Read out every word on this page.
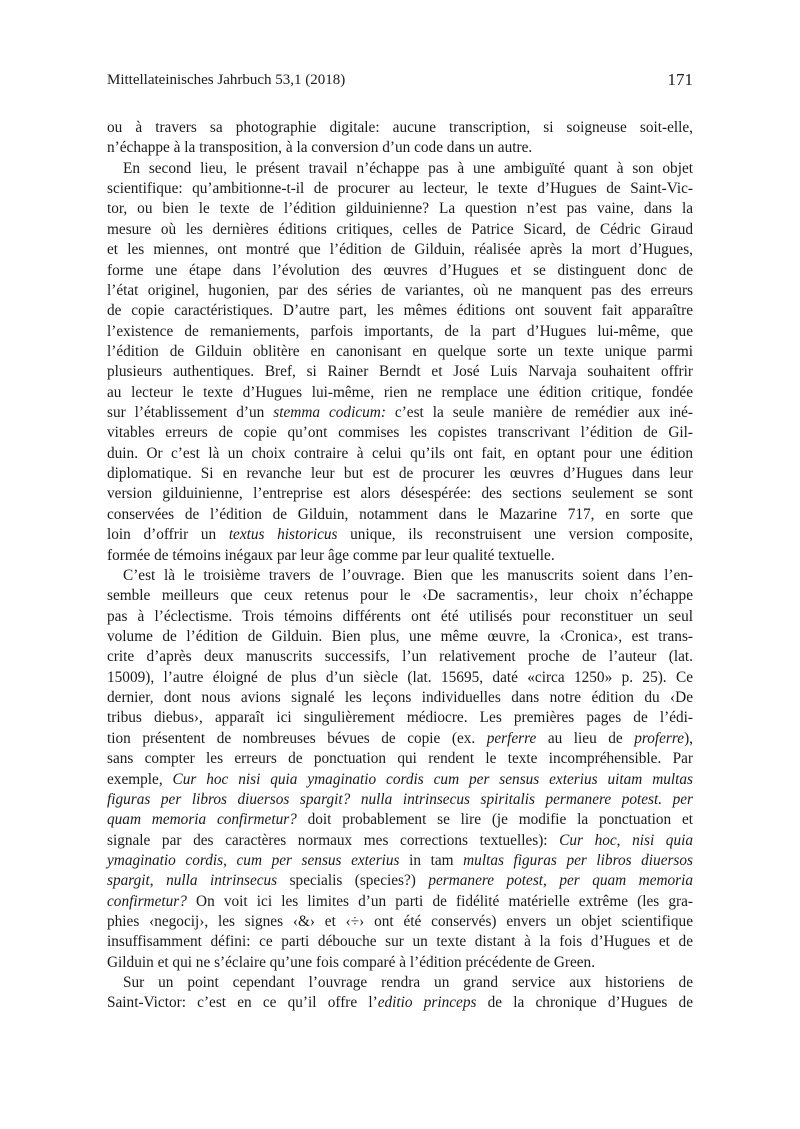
Mittellateinisches Jahrbuch 53,1 (2018)	171
ou à travers sa photographie digitale: aucune transcription, si soigneuse soit-elle,
n’échappe à la transposition, à la conversion d’un code dans un autre.
En second lieu, le présent travail n’échappe pas à une ambiguïté quant à son objet
scientifique: qu’ambitionne-t-il de procurer au lecteur, le texte d’Hugues de Saint-Vic-
tor, ou bien le texte de l’édition gilduinienne? La question n’est pas vaine, dans la
mesure où les dernières éditions critiques, celles de Patrice Sicard, de Cédric Giraud
et les miennes, ont montré que l’édition de Gilduin, réalisée après la mort d’Hugues,
forme une étape dans l’évolution des œuvres d’Hugues et se distinguent donc de
l’état originel, hugonien, par des séries de variantes, où ne manquent pas des erreurs
de copie caractéristiques. D’autre part, les mêmes éditions ont souvent fait apparaître
l’existence de remaniements, parfois importants, de la part d’Hugues lui-même, que
l’édition de Gilduin oblitère en canonisant en quelque sorte un texte unique parmi
plusieurs authentiques. Bref, si Rainer Berndt et José Luis Narvaja souhaitent offrir
au lecteur le texte d’Hugues lui-même, rien ne remplace une édition critique, fondée
sur l’établissement d’un stemma codicum: c’est la seule manière de remédier aux iné-
vitables erreurs de copie qu’ont commises les copistes transcrivant l’édition de Gil-
duin. Or c’est là un choix contraire à celui qu’ils ont fait, en optant pour une édition
diplomatique. Si en revanche leur but est de procurer les œuvres d’Hugues dans leur
version gilduinienne, l’entreprise est alors désespérée: des sections seulement se sont
conservées de l’édition de Gilduin, notamment dans le Mazarine 717, en sorte que
loin d’offrir un textus historicus unique, ils reconstruisent une version composite,
formée de témoins inégaux par leur âge comme par leur qualité textuelle.
C’est là le troisième travers de l’ouvrage. Bien que les manuscrits soient dans l’en-
semble meilleurs que ceux retenus pour le ‹De sacramentis›, leur choix n’échappe
pas à l’éclectisme. Trois témoins différents ont été utilisés pour reconstituer un seul
volume de l’édition de Gilduin. Bien plus, une même œuvre, la ‹Cronica›, est trans-
crite d’après deux manuscrits successifs, l’un relativement proche de l’auteur (lat.
15009), l’autre éloigné de plus d’un siècle (lat. 15695, daté «circa 1250» p. 25). Ce
dernier, dont nous avions signalé les leçons individuelles dans notre édition du ‹De
tribus diebus›, apparaît ici singulièrement médiocre. Les premières pages de l’édi-
tion présentent de nombreuses bévues de copie (ex. perferre au lieu de proferre),
sans compter les erreurs de ponctuation qui rendent le texte incompréhensible. Par
exemple, Cur hoc nisi quia ymaginatio cordis cum per sensus exterius uitam multas
figuras per libros diuersos spargit? nulla intrinsecus spiritalis permanere potest. per
quam memoria confirmetur? doit probablement se lire (je modifie la ponctuation et
signale par des caractères normaux mes corrections textuelles): Cur hoc, nisi quia
ymaginatio cordis, cum per sensus exterius in tam multas figuras per libros diuersos
spargit, nulla intrinsecus specialis (species?) permanere potest, per quam memoria
confirmetur? On voit ici les limites d’un parti de fidélité matérielle extrême (les gra-
phies ‹negocij›, les signes ‹&› et ‹÷› ont été conservés) envers un objet scientifique
insuffisamment défini: ce parti débouche sur un texte distant à la fois d’Hugues et de
Gilduin et qui ne s’éclaire qu’une fois comparé à l’édition précédente de Green.
Sur un point cependant l’ouvrage rendra un grand service aux historiens de
Saint-Victor: c’est en ce qu’il offre l’editio princeps de la chronique d’Hugues de
